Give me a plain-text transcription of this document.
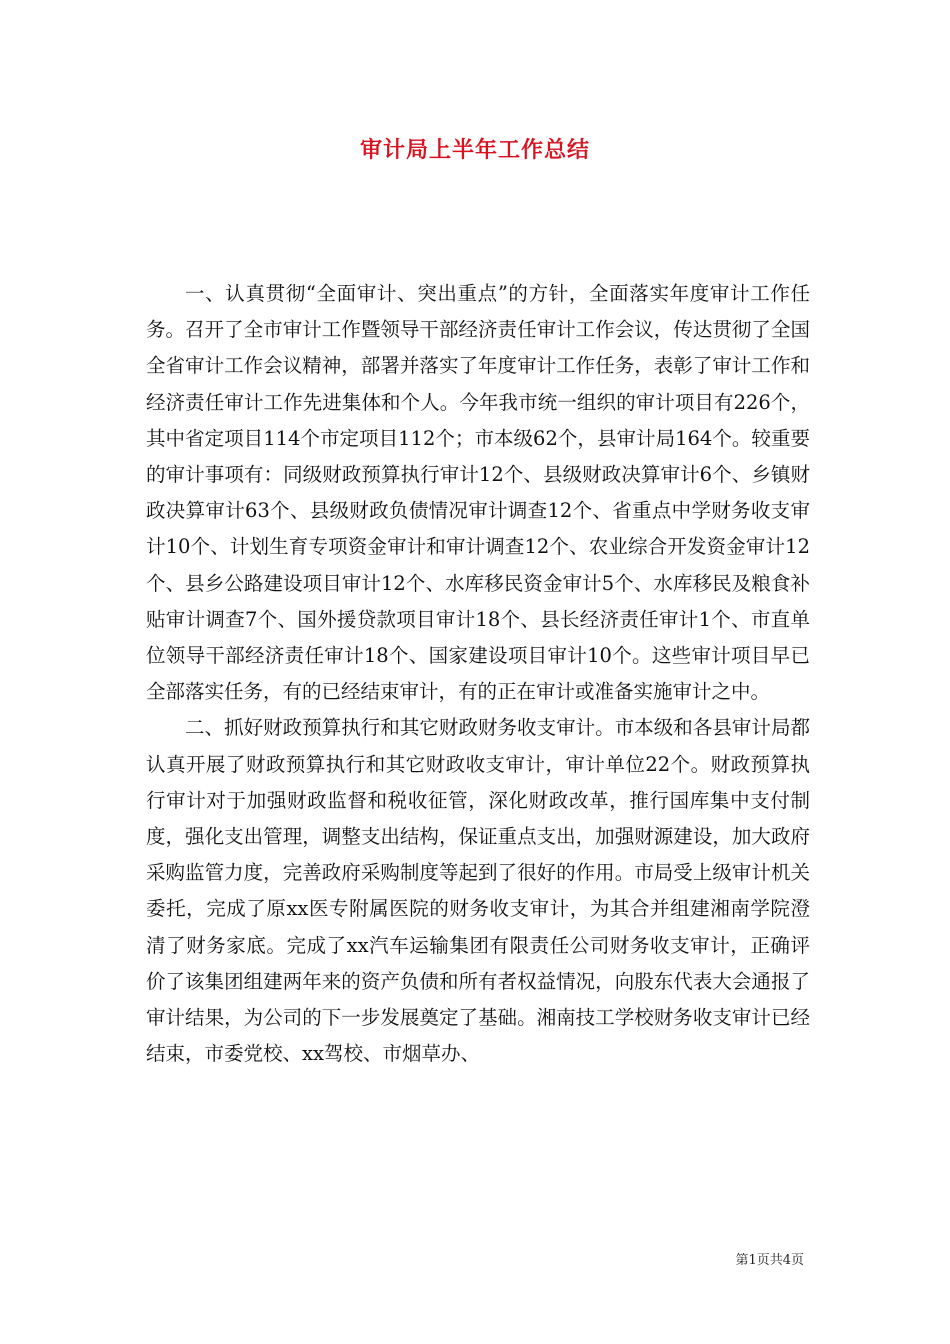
审计局上半年工作总结

一、认真贯彻“全面审计、突出重点”的方针，全面落实年度审计工作任务。召开了全市审计工作暨领导干部经济责任审计工作会议，传达贯彻了全国全省审计工作会议精神，部署并落实了年度审计工作任务，表彰了审计工作和经济责任审计工作先进集体和个人。今年我市统一组织的审计项目有226个，其中省定项目114个市定项目112个；市本级62个，县审计局164个。较重要的审计事项有：同级财政预算执行审计12个、县级财政决算审计6个、乡镇财政决算审计63个、县级财政负债情况审计调查12个、省重点中学财务收支审计10个、计划生育专项资金审计和审计调查12个、农业综合开发资金审计12个、县乡公路建设项目审计12个、水库移民资金审计5个、水库移民及粮食补贴审计调查7个、国外援贷款项目审计18个、县长经济责任审计1个、市直单位领导干部经济责任审计18个、国家建设项目审计10个。这些审计项目早已全部落实任务，有的已经结束审计，有的正在审计或准备实施审计之中。

二、抓好财政预算执行和其它财政财务收支审计。市本级和各县审计局都认真开展了财政预算执行和其它财政收支审计，审计单位22个。财政预算执行审计对于加强财政监督和税收征管，深化财政改革，推行国库集中支付制度，强化支出管理，调整支出结构，保证重点支出，加强财源建设，加大政府采购监管力度，完善政府采购制度等起到了很好的作用。市局受上级审计机关委托，完成了原xx医专附属医院的财务收支审计，为其合并组建湘南学院澄清了财务家底。完成了xx汽车运输集团有限责任公司财务收支审计，正确评价了该集团组建两年来的资产负债和所有者权益情况，向股东代表大会通报了审计结果，为公司的下一步发展奠定了基础。湘南技工学校财务收支审计已经结束，市委党校、xx驾校、市烟草办、

第1页共4页
